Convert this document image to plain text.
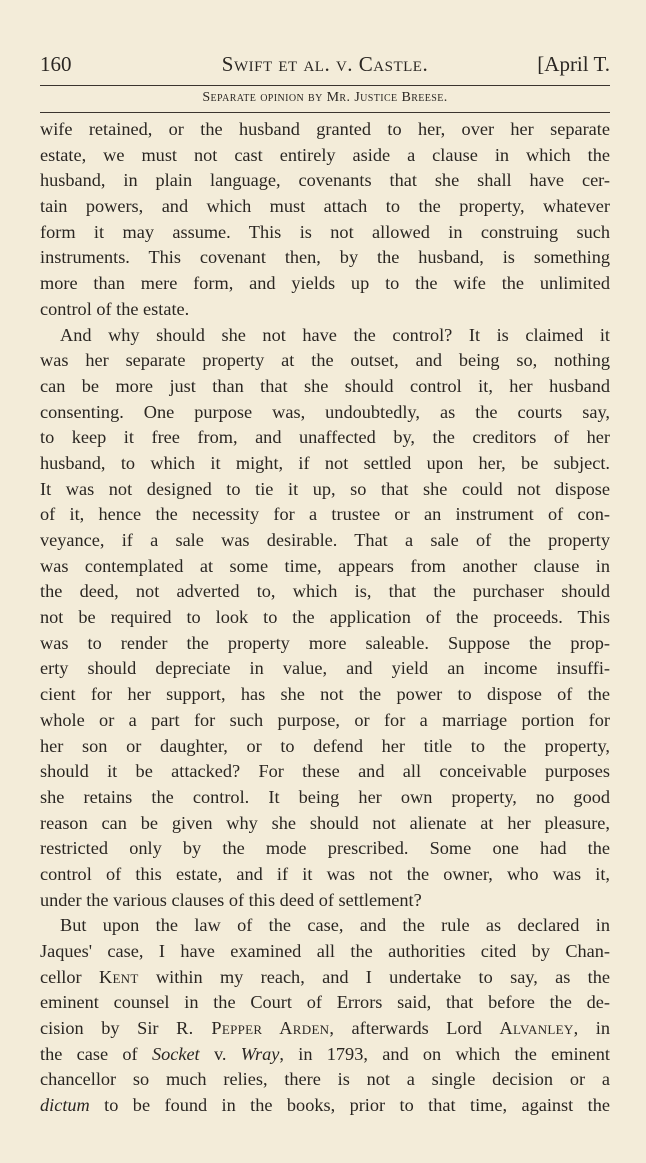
160	Swift et al. v. Castle.	[April T.
Separate opinion by Mr. Justice Breese.
wife retained, or the husband granted to her, over her separate
estate, we must not cast entirely aside a clause in which the
husband, in plain language, covenants that she shall have cer-
tain powers, and which must attach to the property, whatever
form it may assume. This is not allowed in construing such
instruments. This covenant then, by the husband, is something
more than mere form, and yields up to the wife the unlimited
control of the estate.
And why should she not have the control? It is claimed it
was her separate property at the outset, and being so, nothing
can be more just than that she should control it, her husband
consenting. One purpose was, undoubtedly, as the courts say,
to keep it free from, and unaffected by, the creditors of her
husband, to which it might, if not settled upon her, be subject.
It was not designed to tie it up, so that she could not dispose
of it, hence the necessity for a trustee or an instrument of con-
veyance, if a sale was desirable. That a sale of the property
was contemplated at some time, appears from another clause in
the deed, not adverted to, which is, that the purchaser should
not be required to look to the application of the proceeds. This
was to render the property more saleable. Suppose the prop-
erty should depreciate in value, and yield an income insuffi-
cient for her support, has she not the power to dispose of the
whole or a part for such purpose, or for a marriage portion for
her son or daughter, or to defend her title to the property,
should it be attacked? For these and all conceivable purposes
she retains the control. It being her own property, no good
reason can be given why she should not alienate at her pleasure,
restricted only by the mode prescribed. Some one had the
control of this estate, and if it was not the owner, who was it,
under the various clauses of this deed of settlement?
But upon the law of the case, and the rule as declared in
Jaques' case, I have examined all the authorities cited by Chan-
cellor Kent within my reach, and I undertake to say, as the
eminent counsel in the Court of Errors said, that before the de-
cision by Sir R. Pepper Arden, afterwards Lord Alvanley, in
the case of Socket v. Wray, in 1793, and on which the eminent
chancellor so much relies, there is not a single decision or a
dictum to be found in the books, prior to that time, against the
